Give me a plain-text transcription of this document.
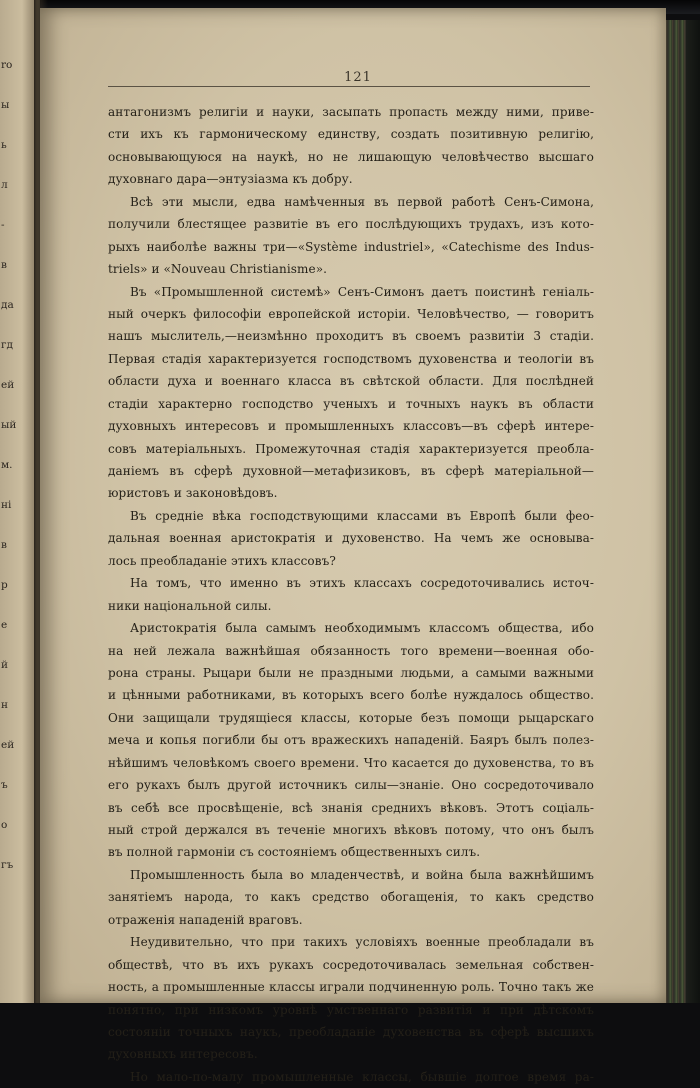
ro
ы
ь
л
-
в
да
гд
ей
ый
м.
ні
в
р
е
й
н
ей
ъ
о
гъ
121
антагонизмъ религіи и науки, засыпать пропасть между ними, приве-
сти ихъ къ гармоническому единству, создать позитивную религію,
основывающуюся на наукѣ, но не лишающую человѣчество высшаго
духовнаго дара—энтузіазма къ добру.
Всѣ эти мысли, едва намѣченныя въ первой работѣ Сенъ-Симона,
получили блестящее развитіе въ его послѣдующихъ трудахъ, изъ кото-
рыхъ наиболѣе важны три—«Système industriel», «Catechisme des Indus-
triels» и «Nouveau Christianisme».
Въ «Промышленной системѣ» Сенъ-Симонъ даетъ поистинѣ геніаль-
ный очеркъ философіи европейской исторіи. Человѣчество, — говоритъ
нашъ мыслитель,—неизмѣнно проходитъ въ своемъ развитіи 3 стадіи.
Первая стадія характеризуется господствомъ духовенства и теологіи въ
области духа и военнаго класса въ свѣтской области. Для послѣдней
стадіи характерно господство ученыхъ и точныхъ наукъ въ области
духовныхъ интересовъ и промышленныхъ классовъ—въ сферѣ интере-
совъ матеріальныхъ. Промежуточная стадія характеризуется преобла-
даніемъ въ сферѣ духовной—метафизиковъ, въ сферѣ матеріальной—
юристовъ и законовѣдовъ.
Въ средніе вѣка господствующими классами въ Европѣ были фео-
дальная военная аристократія и духовенство. На чемъ же основыва-
лось преобладаніе этихъ классовъ?
На томъ, что именно въ этихъ классахъ сосредоточивались источ-
ники національной силы.
Аристократія была самымъ необходимымъ классомъ общества, ибо
на ней лежала важнѣйшая обязанность того времени—военная обо-
рона страны. Рыцари были не праздными людьми, а самыми важными
и цѣнными работниками, въ которыхъ всего болѣе нуждалось общество.
Они защищали трудящіеся классы, которые безъ помощи рыцарскаго
меча и копья погибли бы отъ вражескихъ нападеній. Баяръ былъ полез-
нѣйшимъ человѣкомъ своего времени. Что касается до духовенства, то въ
его рукахъ былъ другой источникъ силы—знаніе. Оно сосредоточивало
въ себѣ все просвѣщеніе, всѣ знанія среднихъ вѣковъ. Этотъ соціаль-
ный строй держался въ теченіе многихъ вѣковъ потому, что онъ былъ
въ полной гармоніи съ состояніемъ общественныхъ силъ.
Промышленность была во младенчествѣ, и война была важнѣйшимъ
занятіемъ народа, то какъ средство обогащенія, то какъ средство
отраженія нападеній враговъ.
Неудивительно, что при такихъ условіяхъ военные преобладали въ
обществѣ, что въ ихъ рукахъ сосредоточивалась земельная собствен-
ность, а промышленные классы играли подчиненную роль. Точно такъ же
понятно, при низкомъ уровнѣ умственнаго развитія и при дѣтскомъ
состояніи точныхъ наукъ, преобладаніе духовенства въ сферѣ высшихъ
духовныхъ интересовъ.
Но мало-по-малу промышленные классы, бывшіе долгое время ра-
